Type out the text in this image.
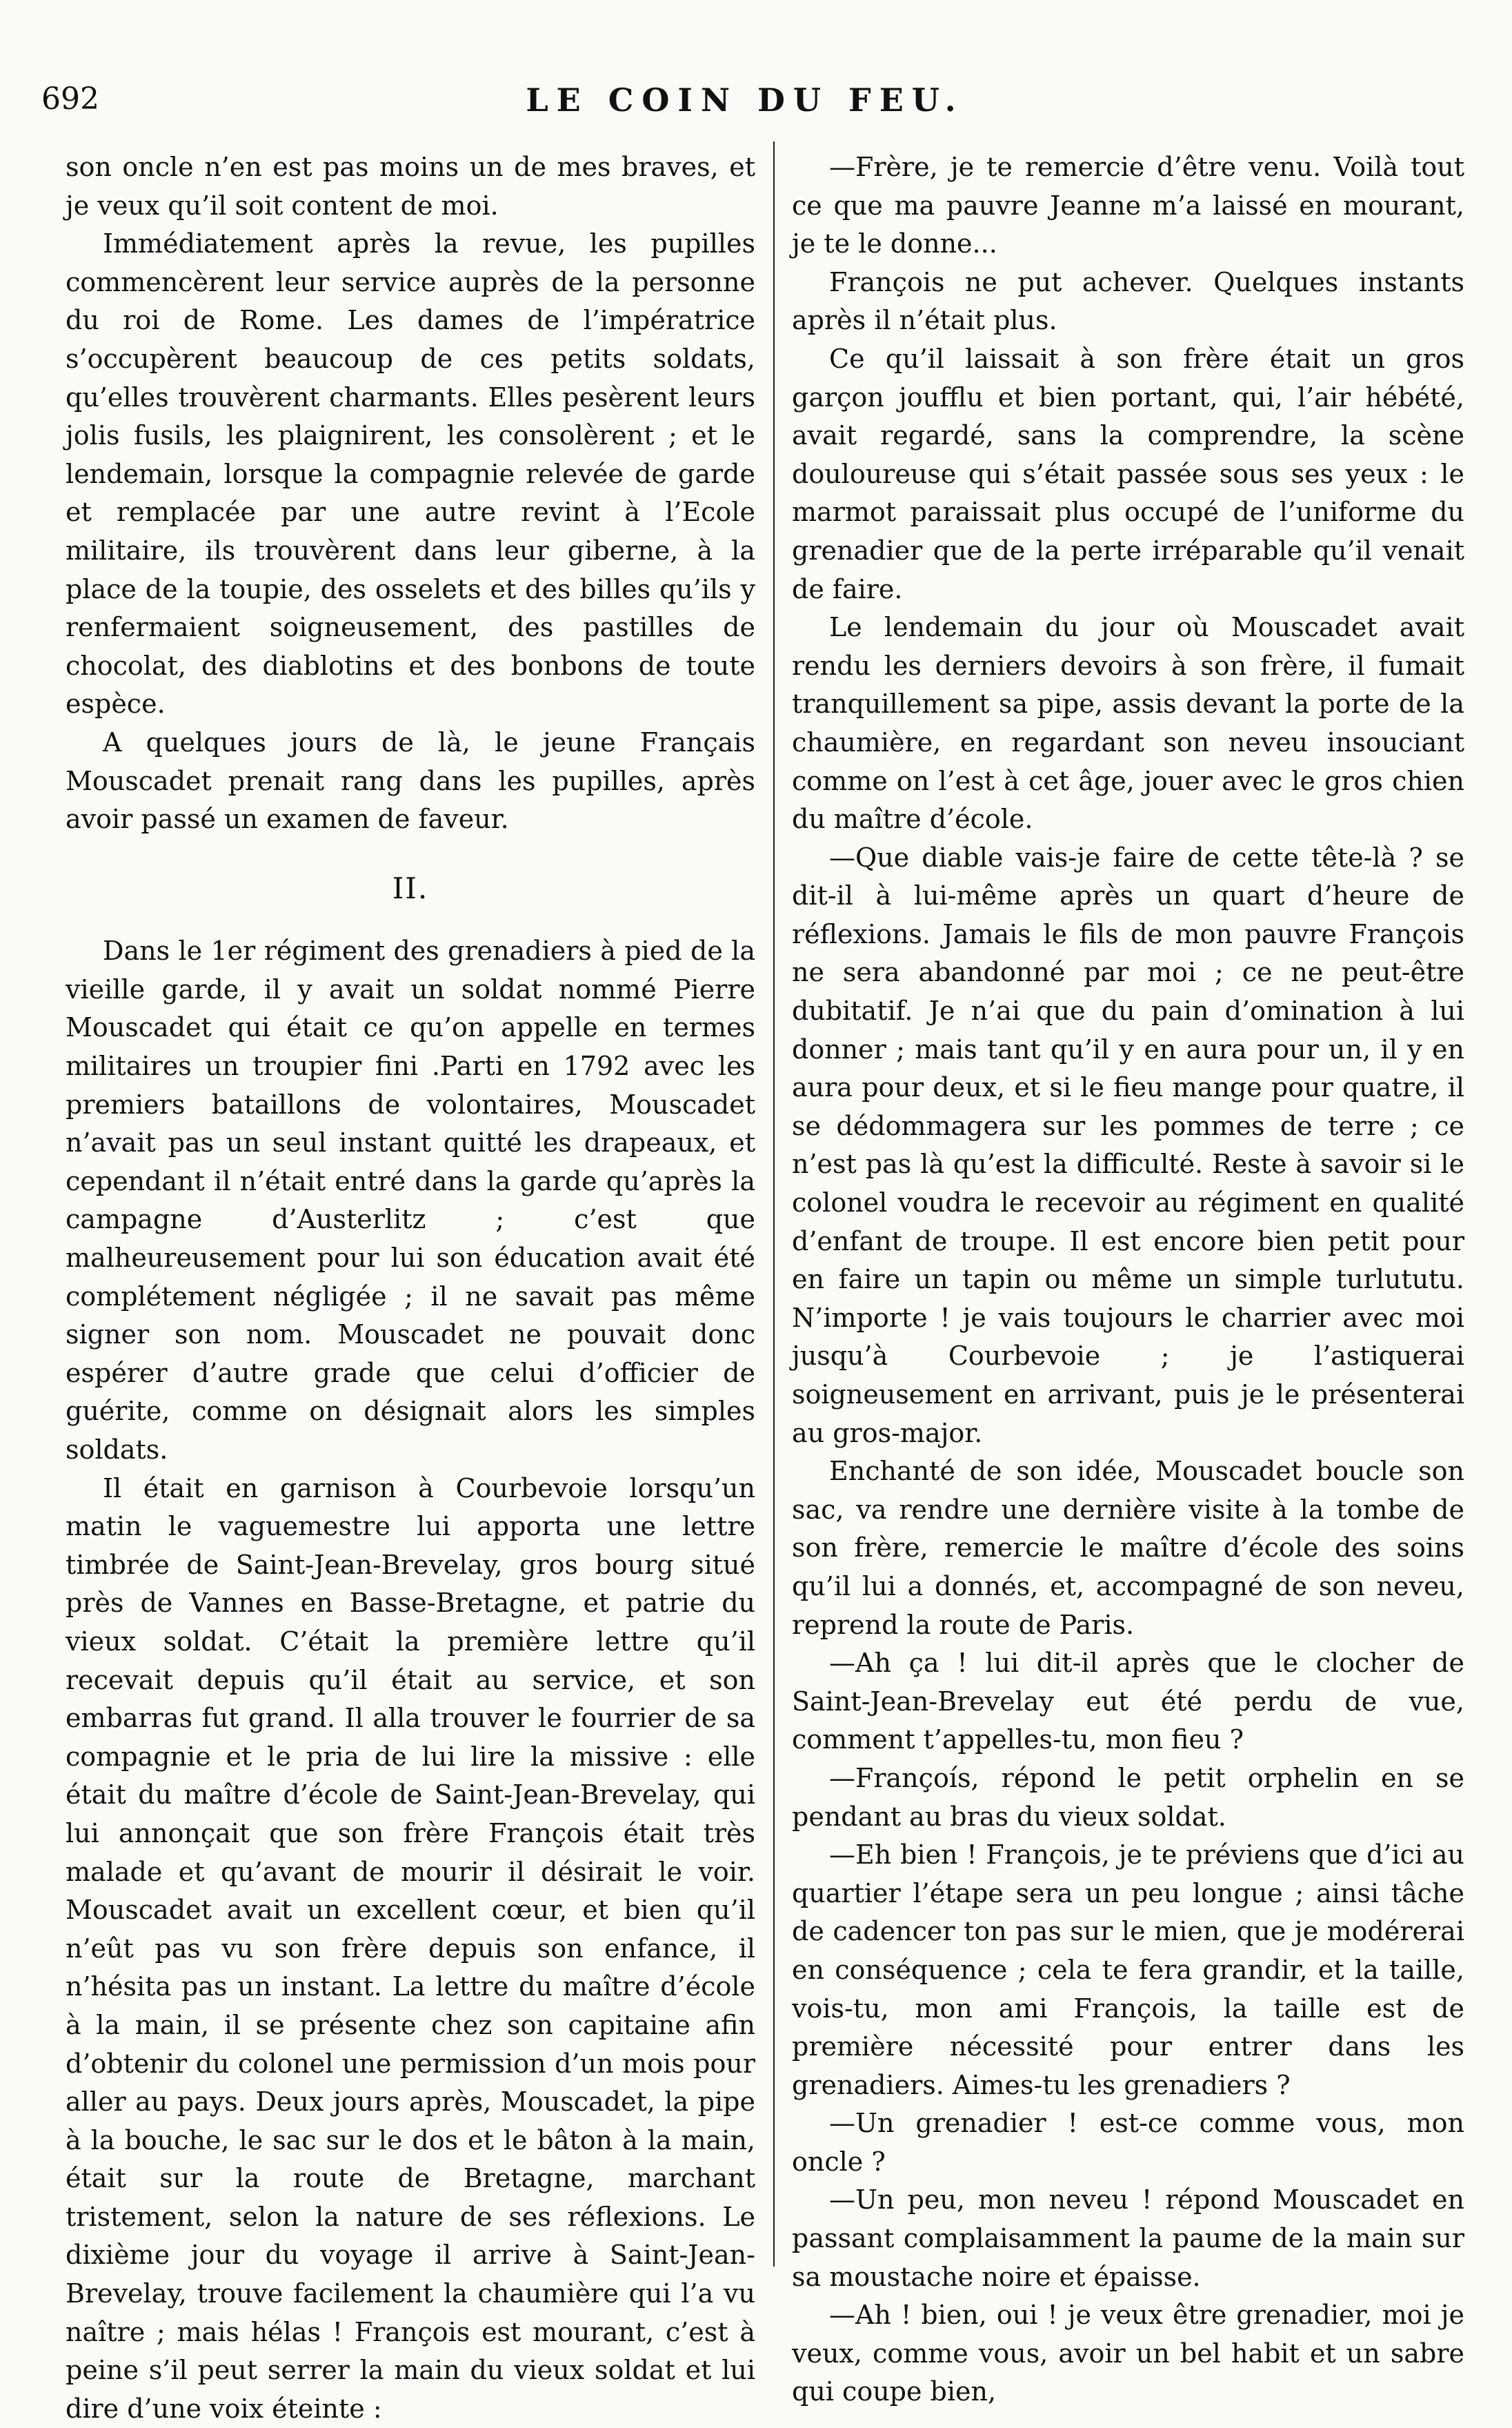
692	LE COIN DU FEU.

son oncle n’en est pas moins un de mes braves, et je veux qu’il soit content de moi.

Immédiatement après la revue, les pupilles commencèrent leur service auprès de la personne du roi de Rome. Les dames de l’impératrice s’occupèrent beaucoup de ces petits soldats, qu’elles trouvèrent charmants. Elles pesèrent leurs jolis fusils, les plaignirent, les consolèrent ; et le lendemain, lorsque la compagnie relevée de garde et remplacée par une autre revint à l’Ecole militaire, ils trouvèrent dans leur giberne, à la place de la toupie, des osselets et des billes qu’ils y renfermaient soigneusement, des pastilles de chocolat, des diablotins et des bonbons de toute espèce.

A quelques jours de là, le jeune Français Mouscadet prenait rang dans les pupilles, après avoir passé un examen de faveur.

II.

Dans le 1er régiment des grenadiers à pied de la vieille garde, il y avait un soldat nommé Pierre Mouscadet qui était ce qu’on appelle en termes militaires un troupier fini .Parti en 1792 avec les premiers bataillons de volontaires, Mouscadet n’avait pas un seul instant quitté les drapeaux, et cependant il n’était entré dans la garde qu’après la campagne d’Austerlitz ; c’est que malheureusement pour lui son éducation avait été complétement négligée ; il ne savait pas même signer son nom. Mouscadet ne pouvait donc espérer d’autre grade que celui d’officier de guérite, comme on désignait alors les simples soldats.

Il était en garnison à Courbevoie lorsqu’un matin le vaguemestre lui apporta une lettre timbrée de Saint-Jean-Brevelay, gros bourg situé près de Vannes en Basse-Bretagne, et patrie du vieux soldat. C’était la première lettre qu’il recevait depuis qu’il était au service, et son embarras fut grand. Il alla trouver le fourrier de sa compagnie et le pria de lui lire la missive : elle était du maître d’école de Saint-Jean-Brevelay, qui lui annonçait que son frère François était très malade et qu’avant de mourir il désirait le voir. Mouscadet avait un excellent cœur, et bien qu’il n’eût pas vu son frère depuis son enfance, il n’hésita pas un instant. La lettre du maître d’école à la main, il se présente chez son capitaine afin d’obtenir du colonel une permission d’un mois pour aller au pays. Deux jours après, Mouscadet, la pipe à la bouche, le sac sur le dos et le bâton à la main, était sur la route de Bretagne, marchant tristement, selon la nature de ses réflexions. Le dixième jour du voyage il arrive à Saint-Jean-Brevelay, trouve facilement la chaumière qui l’a vu naître ; mais hélas ! François est mourant, c’est à peine s’il peut serrer la main du vieux soldat et lui dire d’une voix éteinte :

—Frère, je te remercie d’être venu. Voilà tout ce que ma pauvre Jeanne m’a laissé en mourant, je te le donne...

François ne put achever. Quelques instants après il n’était plus.

Ce qu’il laissait à son frère était un gros garçon joufflu et bien portant, qui, l’air hébété, avait regardé, sans la comprendre, la scène douloureuse qui s’était passée sous ses yeux : le marmot paraissait plus occupé de l’uniforme du grenadier que de la perte irréparable qu’il venait de faire.

Le lendemain du jour où Mouscadet avait rendu les derniers devoirs à son frère, il fumait tranquillement sa pipe, assis devant la porte de la chaumière, en regardant son neveu insouciant comme on l’est à cet âge, jouer avec le gros chien du maître d’école.

—Que diable vais-je faire de cette tête-là ? se dit-il à lui-même après un quart d’heure de réflexions. Jamais le fils de mon pauvre François ne sera abandonné par moi ; ce ne peut-être dubitatif. Je n’ai que du pain d’omination à lui donner ; mais tant qu’il y en aura pour un, il y en aura pour deux, et si le fieu mange pour quatre, il se dédommagera sur les pommes de terre ; ce n’est pas là qu’est la difficulté. Reste à savoir si le colonel voudra le recevoir au régiment en qualité d’enfant de troupe. Il est encore bien petit pour en faire un tapin ou même un simple turlututu. N’importe ! je vais toujours le charrier avec moi jusqu’à Courbevoie ; je l’astiquerai soigneusement en arrivant, puis je le présenterai au gros-major.

Enchanté de son idée, Mouscadet boucle son sac, va rendre une dernière visite à la tombe de son frère, remercie le maître d’école des soins qu’il lui a donnés, et, accompagné de son neveu, reprend la route de Paris.

—Ah ça ! lui dit-il après que le clocher de Saint-Jean-Brevelay eut été perdu de vue, comment t’appelles-tu, mon fieu ?

—Françoís, répond le petit orphelin en se pendant au bras du vieux soldat.

—Eh bien ! François, je te préviens que d’ici au quartier l’étape sera un peu longue ; ainsi tâche de cadencer ton pas sur le mien, que je modérerai en conséquence ; cela te fera grandir, et la taille, vois-tu, mon ami François, la taille est de première nécessité pour entrer dans les grenadiers. Aimes-tu les grenadiers ?

—Un grenadier ! est-ce comme vous, mon oncle ?

—Un peu, mon neveu ! répond Mouscadet en passant complaisamment la paume de la main sur sa moustache noire et épaisse.

—Ah ! bien, oui ! je veux être grenadier, moi je veux, comme vous, avoir un bel habit et un sabre qui coupe bien,
